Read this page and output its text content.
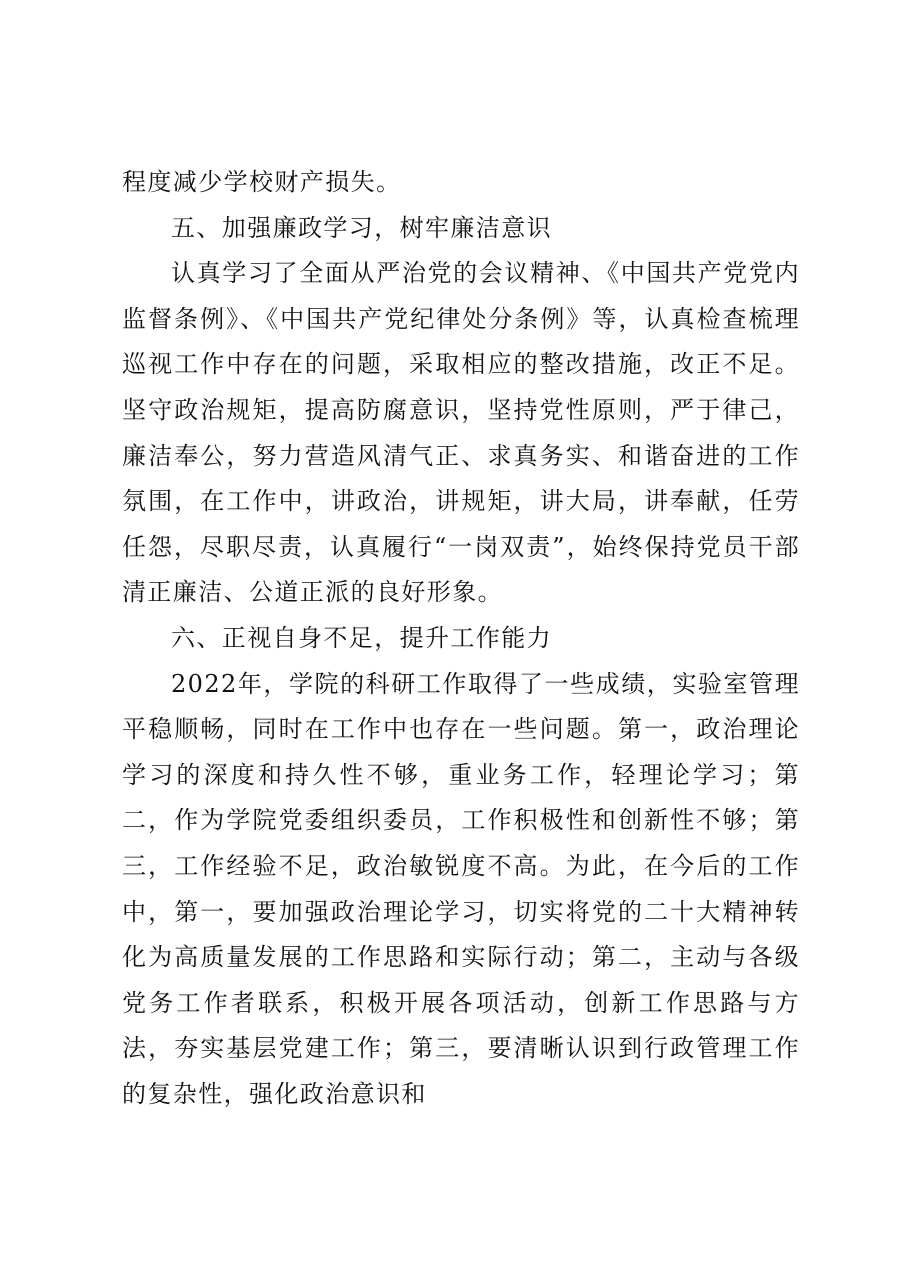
程度减少学校财产损失。

五、加强廉政学习，树牢廉洁意识

认真学习了全面从严治党的会议精神、《中国共产党党内监督条例》、《中国共产党纪律处分条例》等，认真检查梳理巡视工作中存在的问题，采取相应的整改措施，改正不足。坚守政治规矩，提高防腐意识，坚持党性原则，严于律己，廉洁奉公，努力营造风清气正、求真务实、和谐奋进的工作氛围，在工作中，讲政治，讲规矩，讲大局，讲奉献，任劳任怨，尽职尽责，认真履行“一岗双责”，始终保持党员干部清正廉洁、公道正派的良好形象。

六、正视自身不足，提升工作能力

2022年，学院的科研工作取得了一些成绩，实验室管理平稳顺畅，同时在工作中也存在一些问题。第一，政治理论学习的深度和持久性不够，重业务工作，轻理论学习；第二，作为学院党委组织委员，工作积极性和创新性不够；第三，工作经验不足，政治敏锐度不高。为此，在今后的工作中，第一，要加强政治理论学习，切实将党的二十大精神转化为高质量发展的工作思路和实际行动；第二，主动与各级党务工作者联系，积极开展各项活动，创新工作思路与方法，夯实基层党建工作；第三，要清晰认识到行政管理工作的复杂性，强化政治意识和
